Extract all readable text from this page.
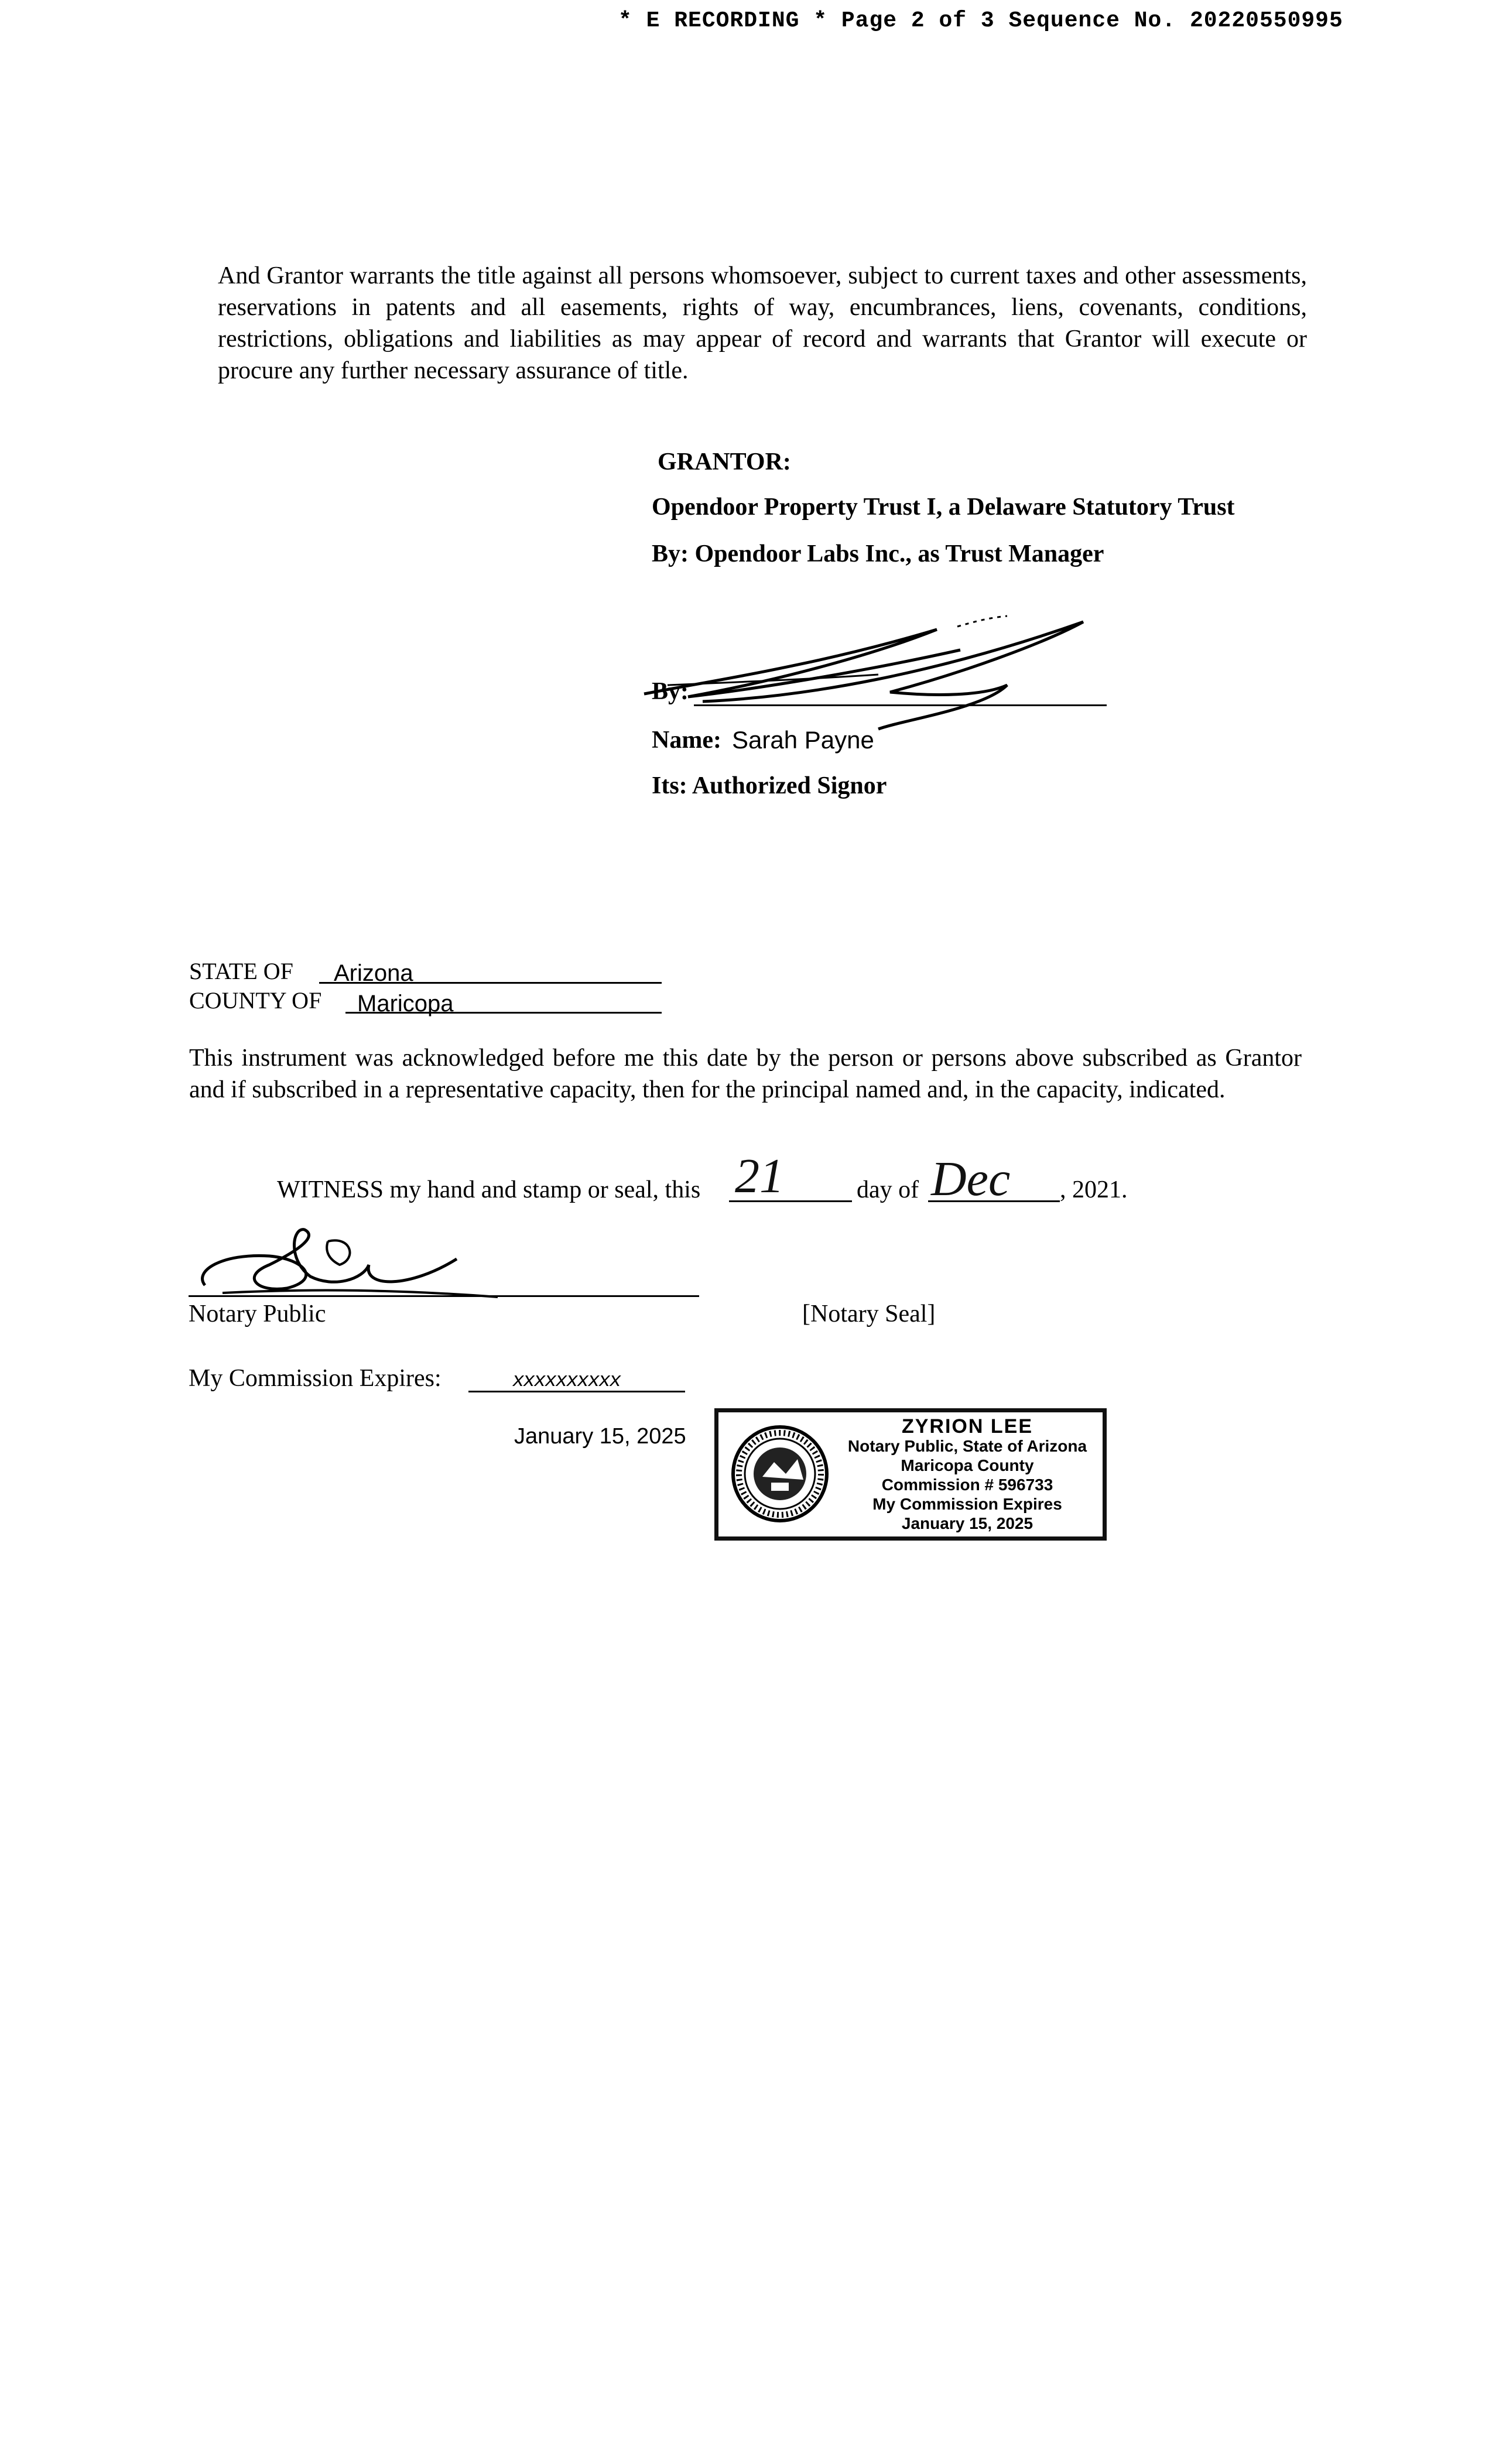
* E RECORDING * Page 2 of 3 Sequence No. 20220550995
And Grantor warrants the title against all persons whomsoever, subject to current taxes and other assessments, reservations in patents and all easements, rights of way, encumbrances, liens, covenants, conditions, restrictions, obligations and liabilities as may appear of record and warrants that Grantor will execute or procure any further necessary assurance of title.
GRANTOR:
Opendoor Property Trust I, a Delaware Statutory Trust
By: Opendoor Labs Inc., as Trust Manager
By:
Name: Sarah Payne
Its: Authorized Signor
STATE OF Arizona
COUNTY OF Maricopa
This instrument was acknowledged before me this date by the person or persons above subscribed as Grantor and if subscribed in a representative capacity, then for the principal named and, in the capacity, indicated.
WITNESS my hand and stamp or seal, this 21	day of Dec , 2021.
Notary Public	[Notary Seal]
My Commission Expires:	xxxxxxxxxx
January 15, 2025	ZYRION LEE
Notary Public, State of Arizona
Maricopa County
Commission # 596733
My Commission Expires
January 15, 2025
